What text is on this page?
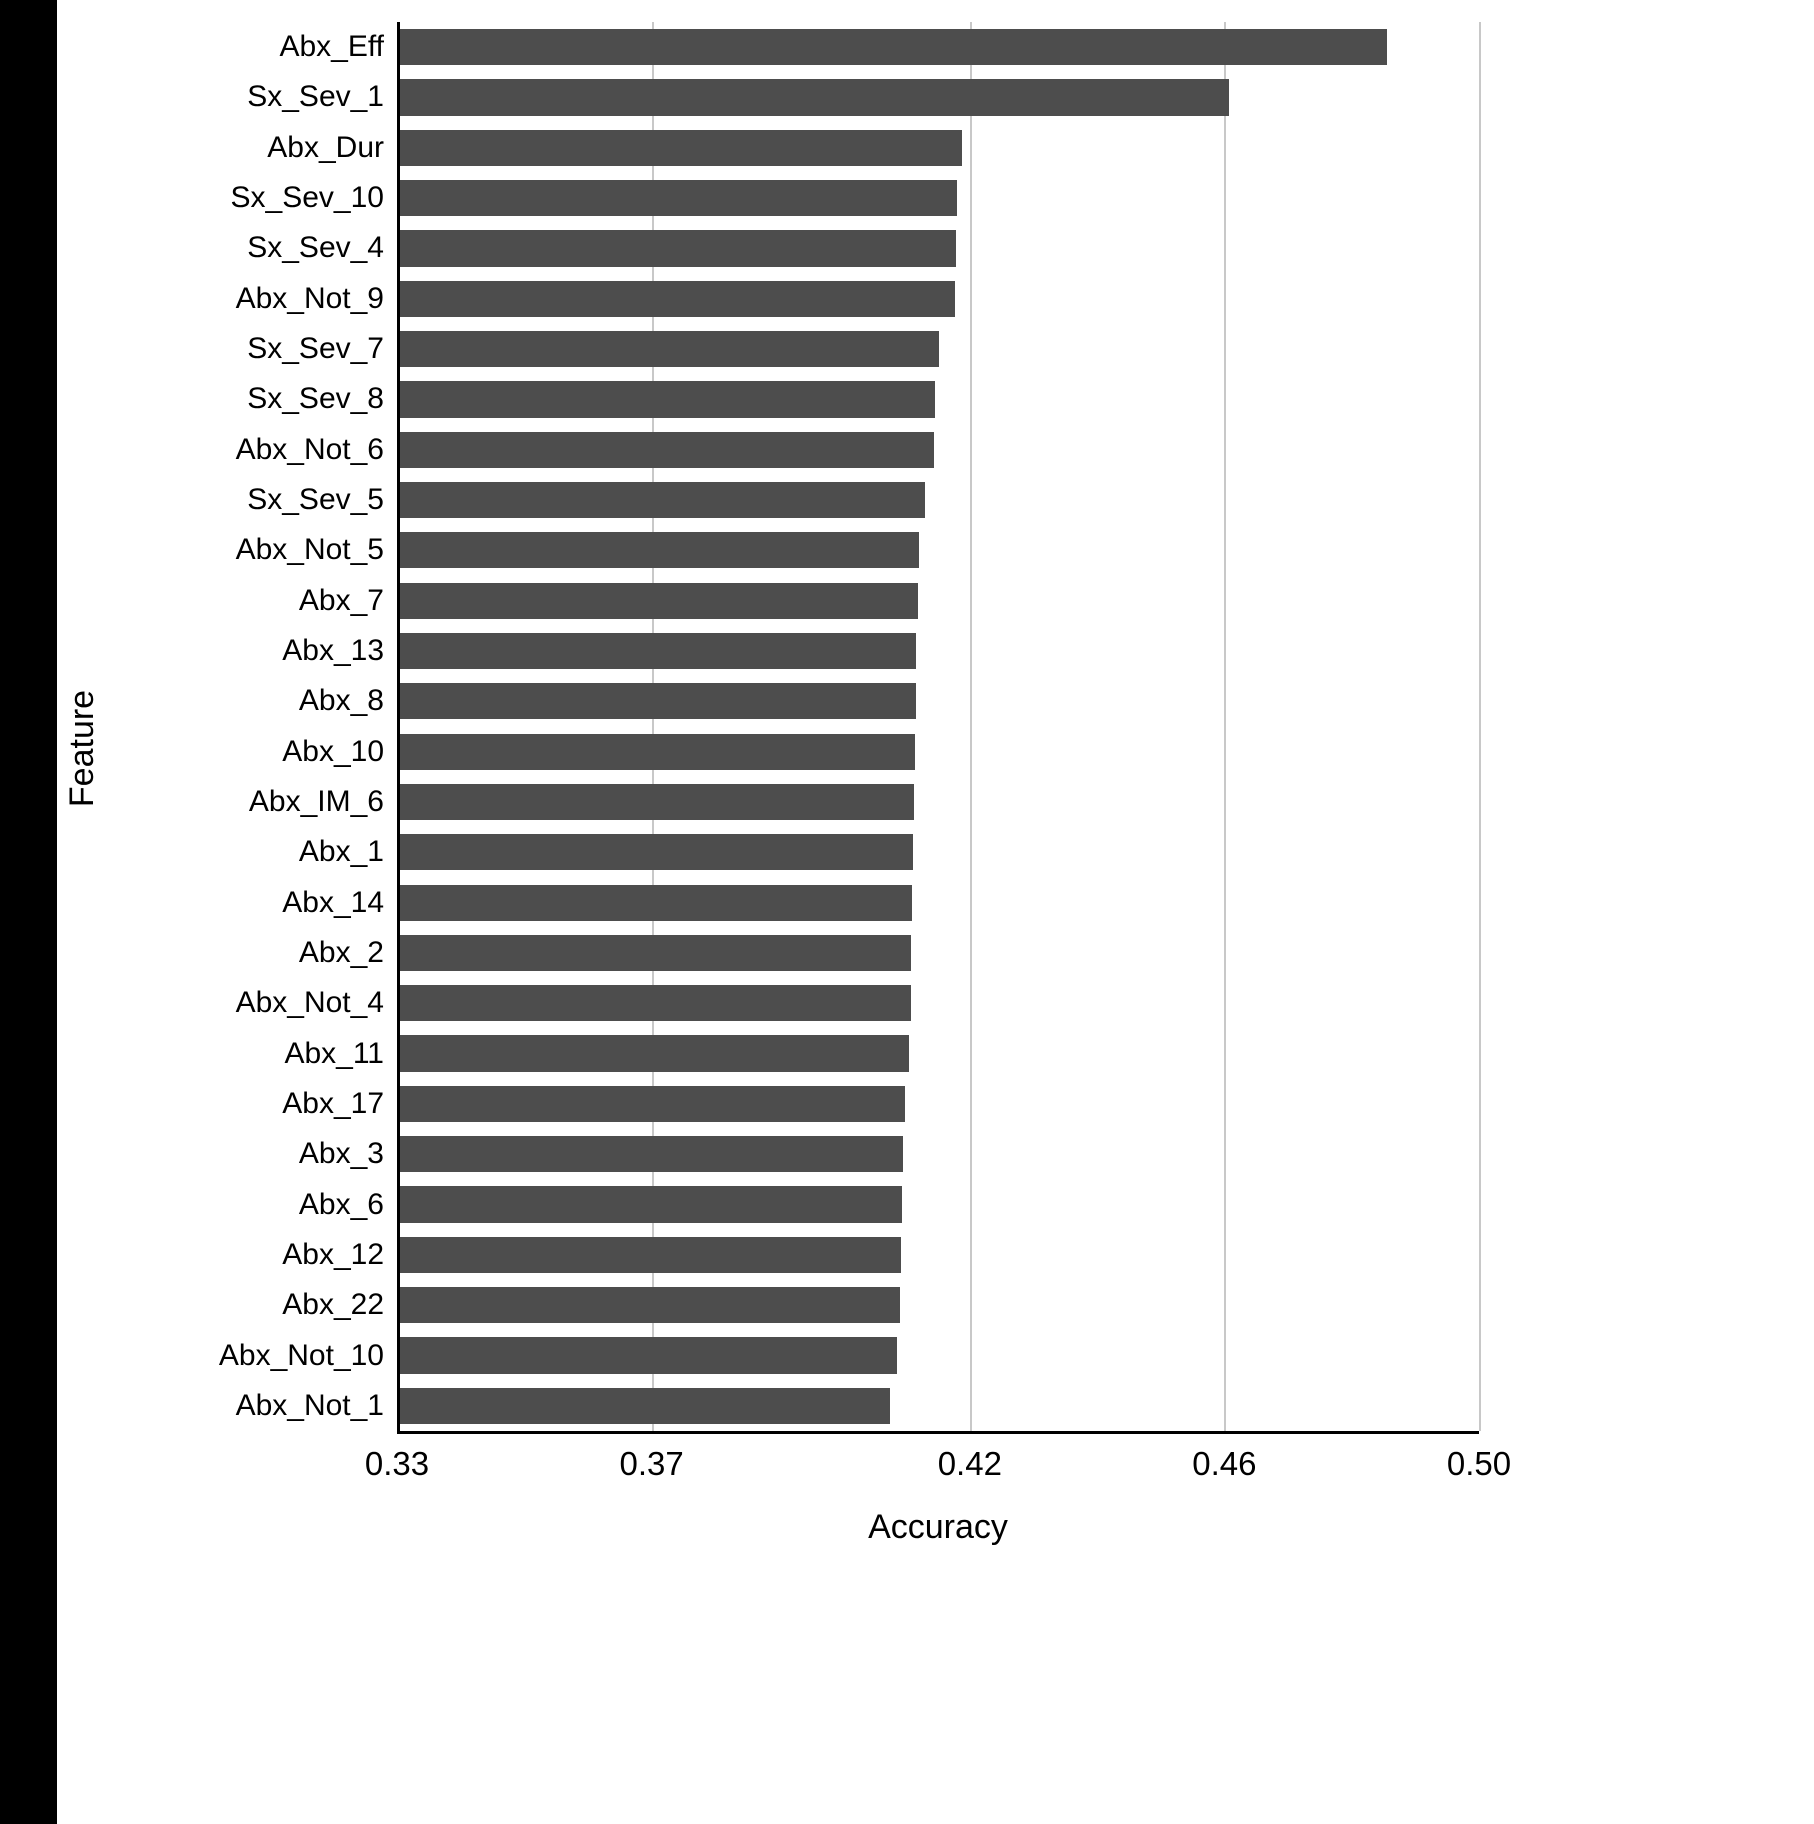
Abx_Eff
Sx_Sev_1
Abx_Dur
Sx_Sev_10
Sx_Sev_4
Abx_Not_9
Sx_Sev_7
Sx_Sev_8
Abx_Not_6
Sx_Sev_5
Abx_Not_5
Abx_7
Abx_13
Abx_8
Abx_10
Abx_IM_6
Abx_1
Abx_14
Abx_2
Abx_Not_4
Abx_11
Abx_17
Abx_3
Abx_6
Abx_12
Abx_22
Abx_Not_10
Abx_Not_1
0.33	0.37	0.42	0.46	0.50
Accuracy
Feature
